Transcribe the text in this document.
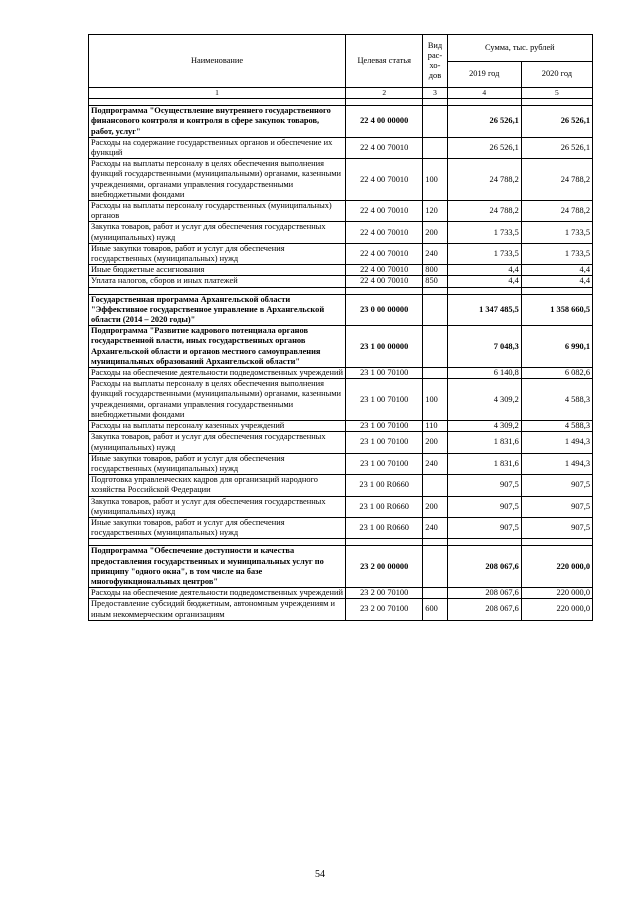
Наименование	Целевая статья	Вид
рас-
хо-
дов	Сумма, тыс. рублей	
			2019 год	2020 год
1	2	3	4	5

Подпрограмма "Осуществление внутреннего государственного финансового контроля и контроля в сфере закупок товаров, работ, услуг"	22 4 00 00000		26 526,1	26 526,1
Расходы на содержание государственных органов и обеспечение их функций	22 4 00 70010		26 526,1	26 526,1
Расходы на выплаты персоналу в целях обеспечения выполнения функций государственными (муниципальными) органами, казенными учреждениями, органами управления государственными внебюджетными фондами	22 4 00 70010	100	24 788,2	24 788,2
Расходы на выплаты персоналу государственных (муниципальных) органов	22 4 00 70010	120	24 788,2	24 788,2
Закупка товаров, работ и услуг для обеспечения государственных (муниципальных) нужд	22 4 00 70010	200	1 733,5	1 733,5
Иные закупки товаров, работ и услуг для обеспечения государственных (муниципальных) нужд	22 4 00 70010	240	1 733,5	1 733,5
Иные бюджетные ассигнования	22 4 00 70010	800	4,4	4,4
Уплата налогов, сборов и иных платежей	22 4 00 70010	850	4,4	4,4

Государственная программа Архангельской области "Эффективное государственное управление в Архангельской области (2014 – 2020 годы)"	23 0 00 00000		1 347 485,5	1 358 660,5
Подпрограмма "Развитие кадрового потенциала органов государственной власти, иных государственных органов Архангельской области и органов местного самоуправления муниципальных образований Архангельской области"	23 1 00 00000		7 048,3	6 990,1
Расходы на обеспечение деятельности подведомственных учреждений	23 1 00 70100		6 140,8	6 082,6
Расходы на выплаты персоналу в целях обеспечения выполнения функций государственными (муниципальными) органами, казенными учреждениями, органами управления государственными внебюджетными фондами	23 1 00 70100	100	4 309,2	4 588,3
Расходы на выплаты персоналу казенных учреждений	23 1 00 70100	110	4 309,2	4 588,3
Закупка товаров, работ и услуг для обеспечения государственных (муниципальных) нужд	23 1 00 70100	200	1 831,6	1 494,3
Иные закупки товаров, работ и услуг для обеспечения государственных (муниципальных) нужд	23 1 00 70100	240	1 831,6	1 494,3
Подготовка управленческих кадров для организаций народного хозяйства Российской Федерации	23 1 00 R0660		907,5	907,5
Закупка товаров, работ и услуг для обеспечения государственных (муниципальных) нужд	23 1 00 R0660	200	907,5	907,5
Иные закупки товаров, работ и услуг для обеспечения государственных (муниципальных) нужд	23 1 00 R0660	240	907,5	907,5

Подпрограмма "Обеспечение доступности и качества предоставления государственных и муниципальных услуг по принципу "одного окна", в том числе на базе многофункциональных центров"	23 2 00 00000		208 067,6	220 000,0
Расходы на обеспечение деятельности подведомственных учреждений	23 2 00 70100		208 067,6	220 000,0
Предоставление субсидий бюджетным, автономным учреждениям и иным некоммерческим организациям	23 2 00 70100	600	208 067,6	220 000,0
54
